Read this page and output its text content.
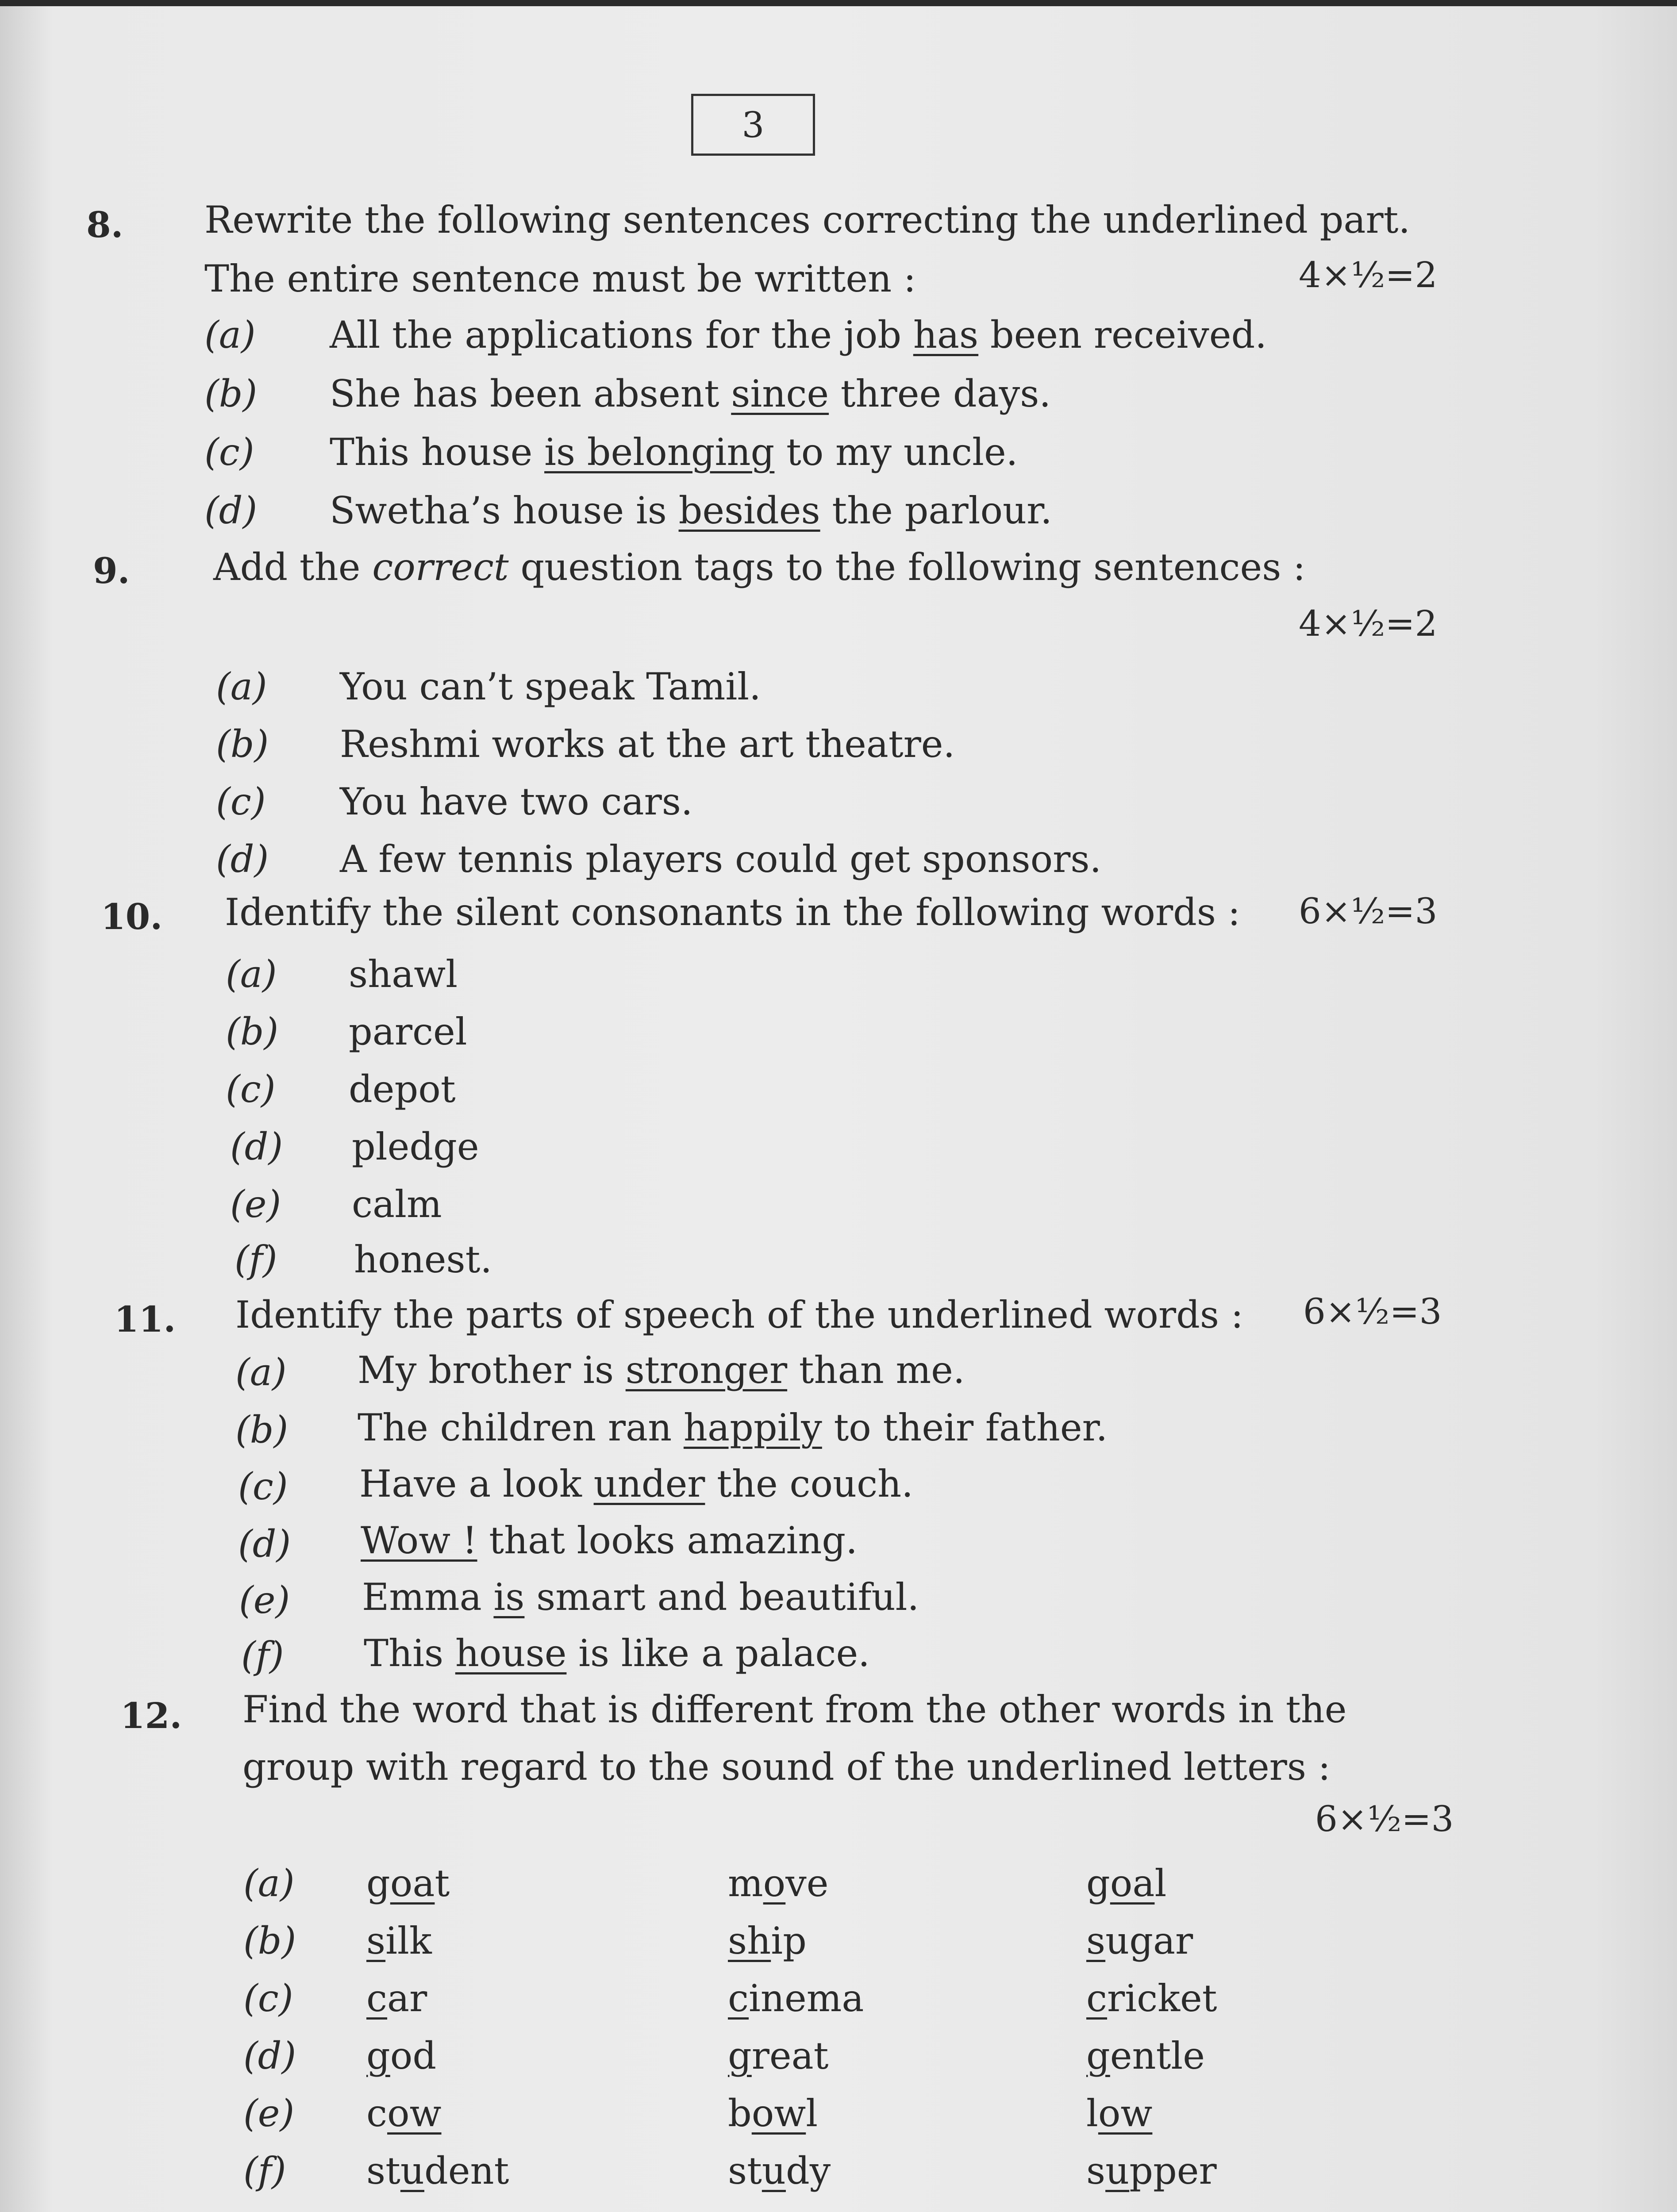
3
8. Rewrite the following sentences correcting the underlined part.
The entire sentence must be written :	4×½=2
(a) All the applications for the job has been received.
(b) She has been absent since three days.
(c) This house is belonging to my uncle.
(d) Swetha’s house is besides the parlour.
9. Add the correct question tags to the following sentences :
4×½=2
(a) You can’t speak Tamil.
(b) Reshmi works at the art theatre.
(c) You have two cars.
(d) A few tennis players could get sponsors.
10. Identify the silent consonants in the following words : 6×½=3
(a) shawl
(b) parcel
(c) depot
(d) pledge
(e) calm
(f) honest.
11. Identify the parts of speech of the underlined words : 6×½=3
(a) My brother is stronger than me.
(b) The children ran happily to their father.
(c) Have a look under the couch.
(d) Wow ! that looks amazing.
(e) Emma is smart and beautiful.
(f) This house is like a palace.
12. Find the word that is different from the other words in the
group with regard to the sound of the underlined letters :
6×½=3
(a) goat	move	goal
(b) silk	ship	sugar
(c) car	cinema	cricket
(d) god	great	gentle
(e) cow	bowl	low
(f) student	study	supper
